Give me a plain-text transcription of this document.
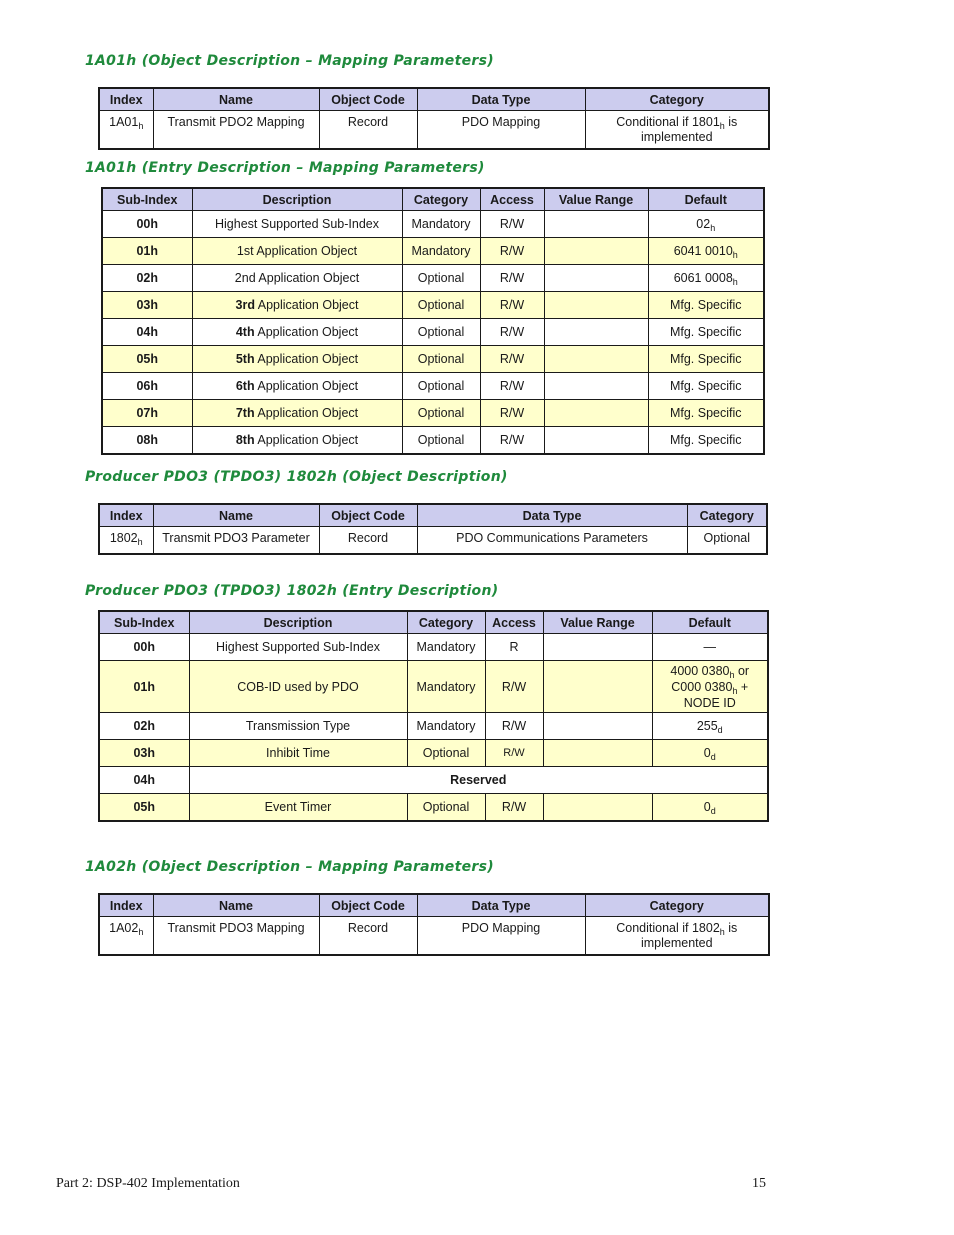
1A01h (Object Description – Mapping Parameters)

Index	Name	Object Code	Data Type	Category
$1A01_h$	Transmit PDO2 Mapping	Record	PDO Mapping	Conditional if $1801_h$ is implemented

1A01h (Entry Description – Mapping Parameters)

Sub-Index	Description	Category	Access	Value Range	Default
00h	Highest Supported Sub-Index	Mandatory	R/W		$02_h$
01h	1st Application Object	Mandatory	R/W		6041 $0010_h$
02h	2nd Application Object	Optional	R/W		6061 $0008_h$
03h	3rd Application Object	Optional	R/W		Mfg. Specific
04h	4th Application Object	Optional	R/W		Mfg. Specific
05h	5th Application Object	Optional	R/W		Mfg. Specific
06h	6th Application Object	Optional	R/W		Mfg. Specific
07h	7th Application Object	Optional	R/W		Mfg. Specific
08h	8th Application Object	Optional	R/W		Mfg. Specific

Producer PDO3 (TPDO3) 1802h (Object Description)

Index	Name	Object Code	Data Type	Category
$1802_h$	Transmit PDO3 Parameter	Record	PDO Communications Parameters	Optional

Producer PDO3 (TPDO3) 1802h (Entry Description)

Sub-Index	Description	Category	Access	Value Range	Default
00h	Highest Supported Sub-Index	Mandatory	R		—
01h	COB-ID used by PDO	Mandatory	R/W		4000 $0380_h$ or
C000 $0380_h$ +
NODE ID
02h	Transmission Type	Mandatory	R/W		$255_d$
03h	Inhibit Time	Optional	R/W		$0_d$
04h	Reserved				
05h	Event Timer	Optional	R/W		$0_d$

1A02h (Object Description – Mapping Parameters)

Index	Name	Object Code	Data Type	Category
$1A02_h$	Transmit PDO3 Mapping	Record	PDO Mapping	Conditional if $1802_h$ is implemented
Part 2: DSP-402 Implementation	15
